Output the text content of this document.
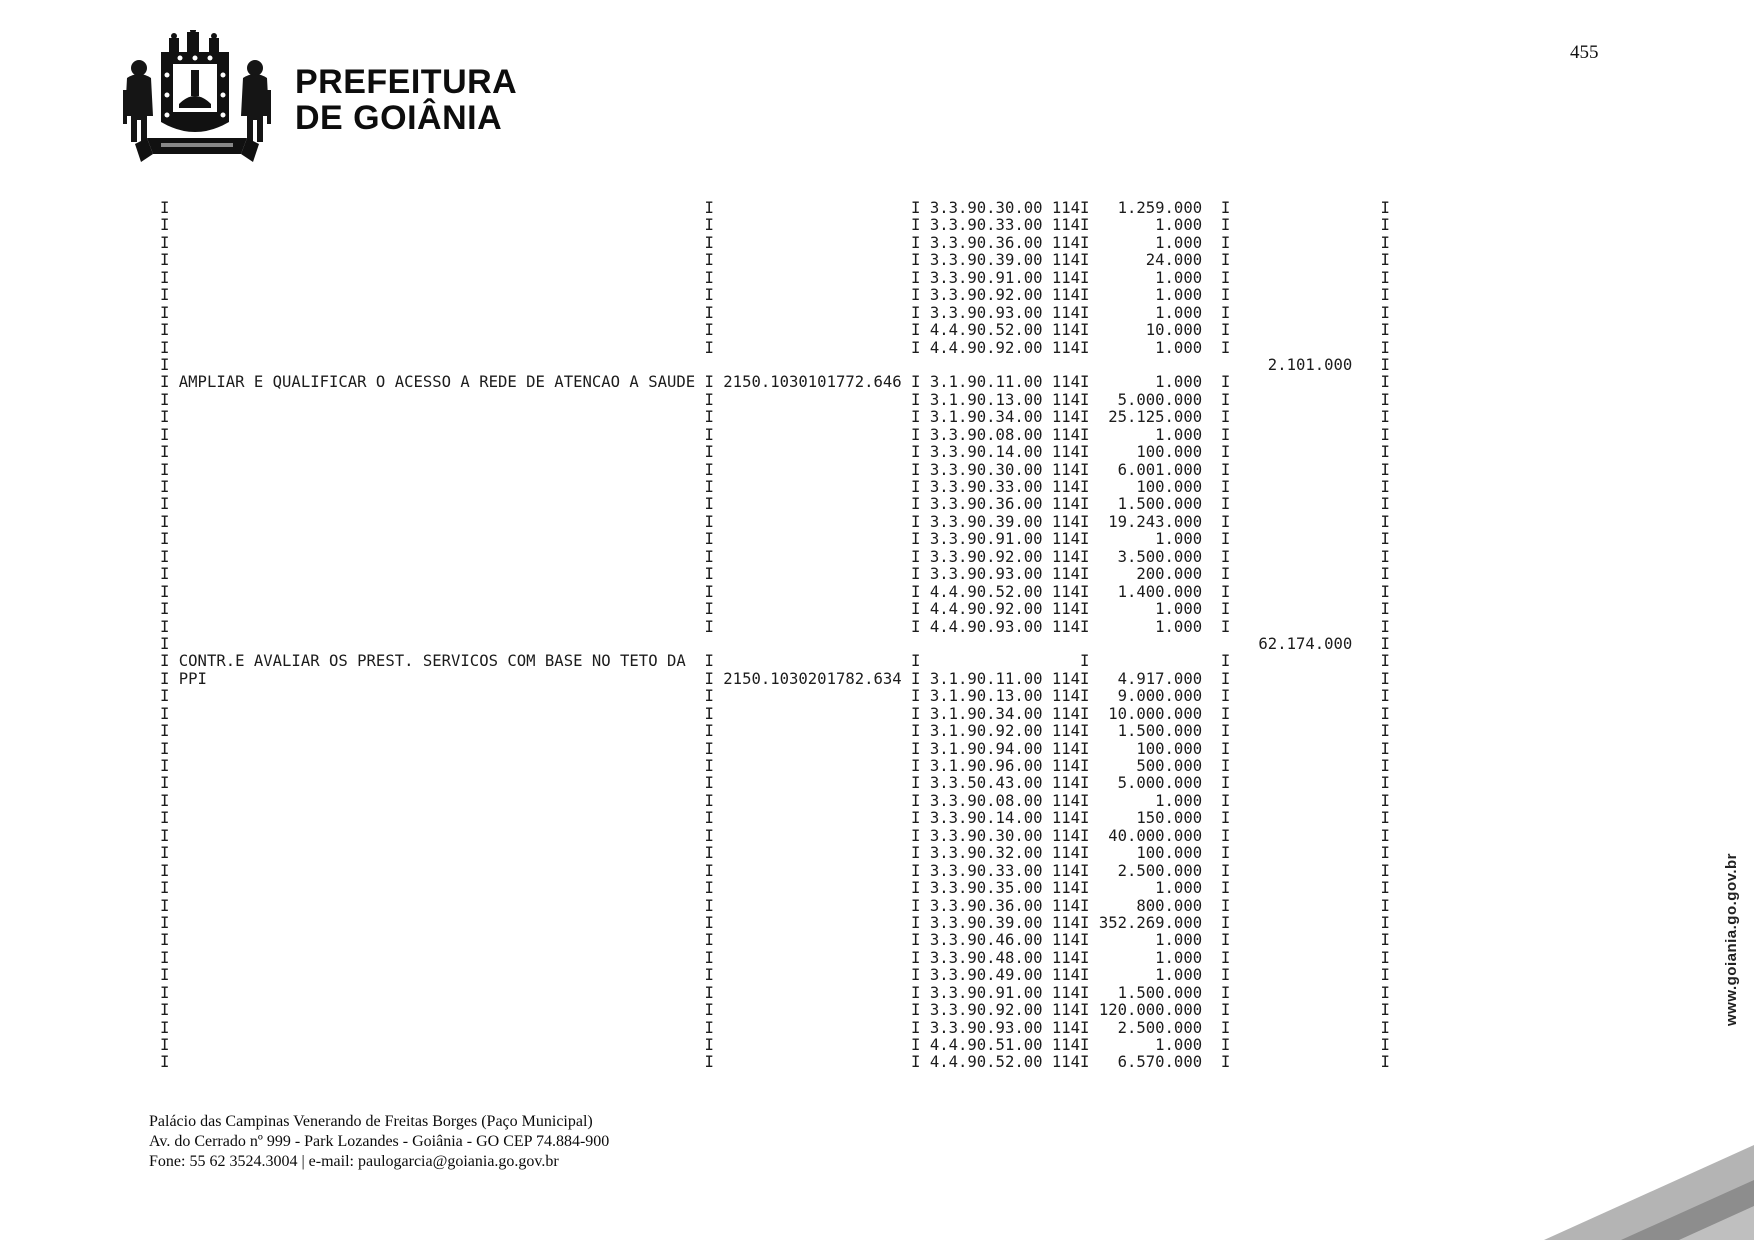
PREFEITURA
DE GOIÂNIA
455
I                                                         I                     I 3.3.90.30.00 114I   1.259.000  I                I
I                                                         I                     I 3.3.90.33.00 114I       1.000  I                I
I                                                         I                     I 3.3.90.36.00 114I       1.000  I                I
I                                                         I                     I 3.3.90.39.00 114I      24.000  I                I
I                                                         I                     I 3.3.90.91.00 114I       1.000  I                I
I                                                         I                     I 3.3.90.92.00 114I       1.000  I                I
I                                                         I                     I 3.3.90.93.00 114I       1.000  I                I
I                                                         I                     I 4.4.90.52.00 114I      10.000  I                I
I                                                         I                     I 4.4.90.92.00 114I       1.000  I                I
I                                                                                                                     2.101.000   I
I AMPLIAR E QUALIFICAR O ACESSO A REDE DE ATENCAO A SAUDE I 2150.1030101772.646 I 3.1.90.11.00 114I       1.000  I                I
I                                                         I                     I 3.1.90.13.00 114I   5.000.000  I                I
I                                                         I                     I 3.1.90.34.00 114I  25.125.000  I                I
I                                                         I                     I 3.3.90.08.00 114I       1.000  I                I
I                                                         I                     I 3.3.90.14.00 114I     100.000  I                I
I                                                         I                     I 3.3.90.30.00 114I   6.001.000  I                I
I                                                         I                     I 3.3.90.33.00 114I     100.000  I                I
I                                                         I                     I 3.3.90.36.00 114I   1.500.000  I                I
I                                                         I                     I 3.3.90.39.00 114I  19.243.000  I                I
I                                                         I                     I 3.3.90.91.00 114I       1.000  I                I
I                                                         I                     I 3.3.90.92.00 114I   3.500.000  I                I
I                                                         I                     I 3.3.90.93.00 114I     200.000  I                I
I                                                         I                     I 4.4.90.52.00 114I   1.400.000  I                I
I                                                         I                     I 4.4.90.92.00 114I       1.000  I                I
I                                                         I                     I 4.4.90.93.00 114I       1.000  I                I
I                                                                                                                    62.174.000   I
I CONTR.E AVALIAR OS PREST. SERVICOS COM BASE NO TETO DA  I                     I                 I              I                I
I PPI                                                     I 2150.1030201782.634 I 3.1.90.11.00 114I   4.917.000  I                I
I                                                         I                     I 3.1.90.13.00 114I   9.000.000  I                I
I                                                         I                     I 3.1.90.34.00 114I  10.000.000  I                I
I                                                         I                     I 3.1.90.92.00 114I   1.500.000  I                I
I                                                         I                     I 3.1.90.94.00 114I     100.000  I                I
I                                                         I                     I 3.1.90.96.00 114I     500.000  I                I
I                                                         I                     I 3.3.50.43.00 114I   5.000.000  I                I
I                                                         I                     I 3.3.90.08.00 114I       1.000  I                I
I                                                         I                     I 3.3.90.14.00 114I     150.000  I                I
I                                                         I                     I 3.3.90.30.00 114I  40.000.000  I                I
I                                                         I                     I 3.3.90.32.00 114I     100.000  I                I
I                                                         I                     I 3.3.90.33.00 114I   2.500.000  I                I
I                                                         I                     I 3.3.90.35.00 114I       1.000  I                I
I                                                         I                     I 3.3.90.36.00 114I     800.000  I                I
I                                                         I                     I 3.3.90.39.00 114I 352.269.000  I                I
I                                                         I                     I 3.3.90.46.00 114I       1.000  I                I
I                                                         I                     I 3.3.90.48.00 114I       1.000  I                I
I                                                         I                     I 3.3.90.49.00 114I       1.000  I                I
I                                                         I                     I 3.3.90.91.00 114I   1.500.000  I                I
I                                                         I                     I 3.3.90.92.00 114I 120.000.000  I                I
I                                                         I                     I 3.3.90.93.00 114I   2.500.000  I                I
I                                                         I                     I 4.4.90.51.00 114I       1.000  I                I
I                                                         I                     I 4.4.90.52.00 114I   6.570.000  I                I
Palácio das Campinas Venerando de Freitas Borges (Paço Municipal)
Av. do Cerrado nº 999 - Park Lozandes - Goiânia - GO CEP 74.884-900
Fone: 55 62 3524.3004 | e-mail: paulogarcia@goiania.go.gov.br
www.goiania.go.gov.br
